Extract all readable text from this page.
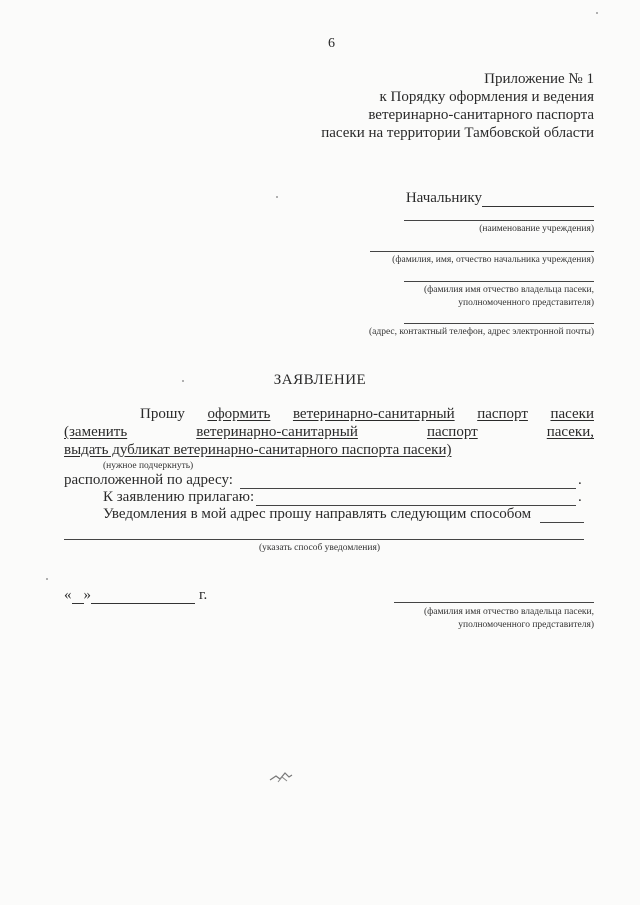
6
Приложение № 1
к Порядку оформления и ведения
ветеринарно-санитарного паспорта
пасеки на территории Тамбовской области
Начальнику
(наименование учреждения)
(фамилия, имя, отчество начальника учреждения)
(фамилия имя отчество владельца пасеки,
уполномоченного представителя)
(адрес, контактный телефон, адрес электронной почты)
ЗАЯВЛЕНИЕ
Прошу оформить ветеринарно-санитарный паспорт пасеки
(заменить	ветеринарно-санитарный	паспорт	пасеки,
выдать дубликат ветеринарно-санитарного паспорта пасеки)
(нужное подчеркнуть)
расположенной по адресу:	.
К заявлению прилагаю:	.
Уведомления в мой адрес прошу направлять следующим способом
(указать способ уведомления)
« »	г.
(фамилия имя отчество владельца пасеки,
уполномоченного представителя)
